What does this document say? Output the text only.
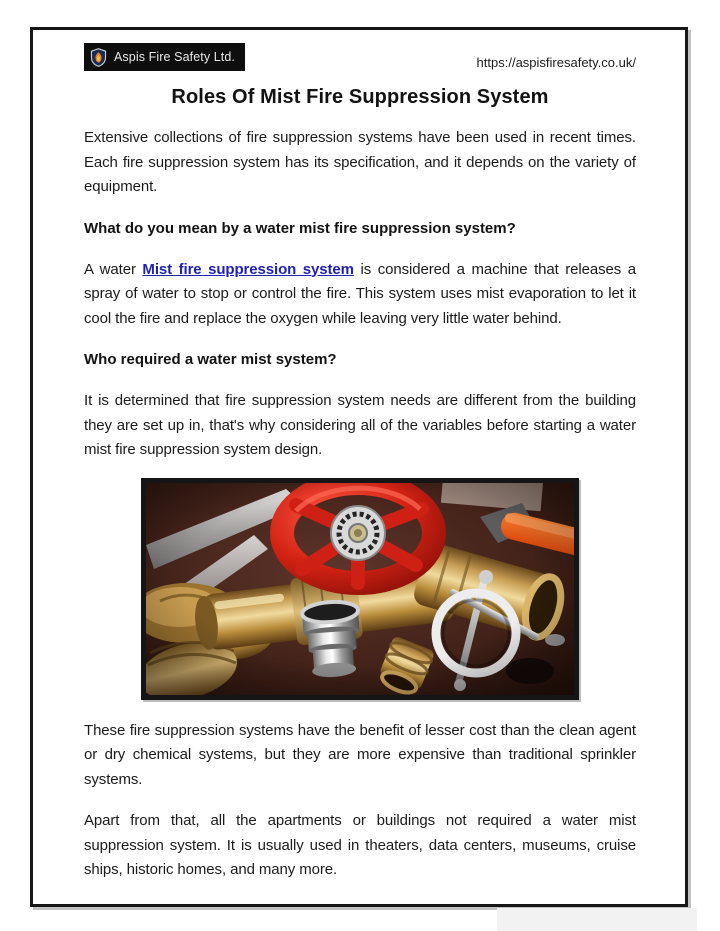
Aspis Fire Safety Ltd.	https://aspisfiresafety.co.uk/
Roles Of Mist Fire Suppression System

Extensive collections of fire suppression systems have been used in recent times. Each fire suppression system has its specification, and it depends on the variety of equipment.

What do you mean by a water mist fire suppression system?

A water Mist fire suppression system is considered a machine that releases a spray of water to stop or control the fire. This system uses mist evaporation to let it cool the fire and replace the oxygen while leaving very little water behind.

Who required a water mist system?

It is determined that fire suppression system needs are different from the building they are set up in, that's why considering all of the variables before starting a water mist fire suppression system design.

These fire suppression systems have the benefit of lesser cost than the clean agent or dry chemical systems, but they are more expensive than traditional sprinkler systems.

Apart from that, all the apartments or buildings not required a water mist suppression system. It is usually used in theaters, data centers, museums, cruise ships, historic homes, and many more.
